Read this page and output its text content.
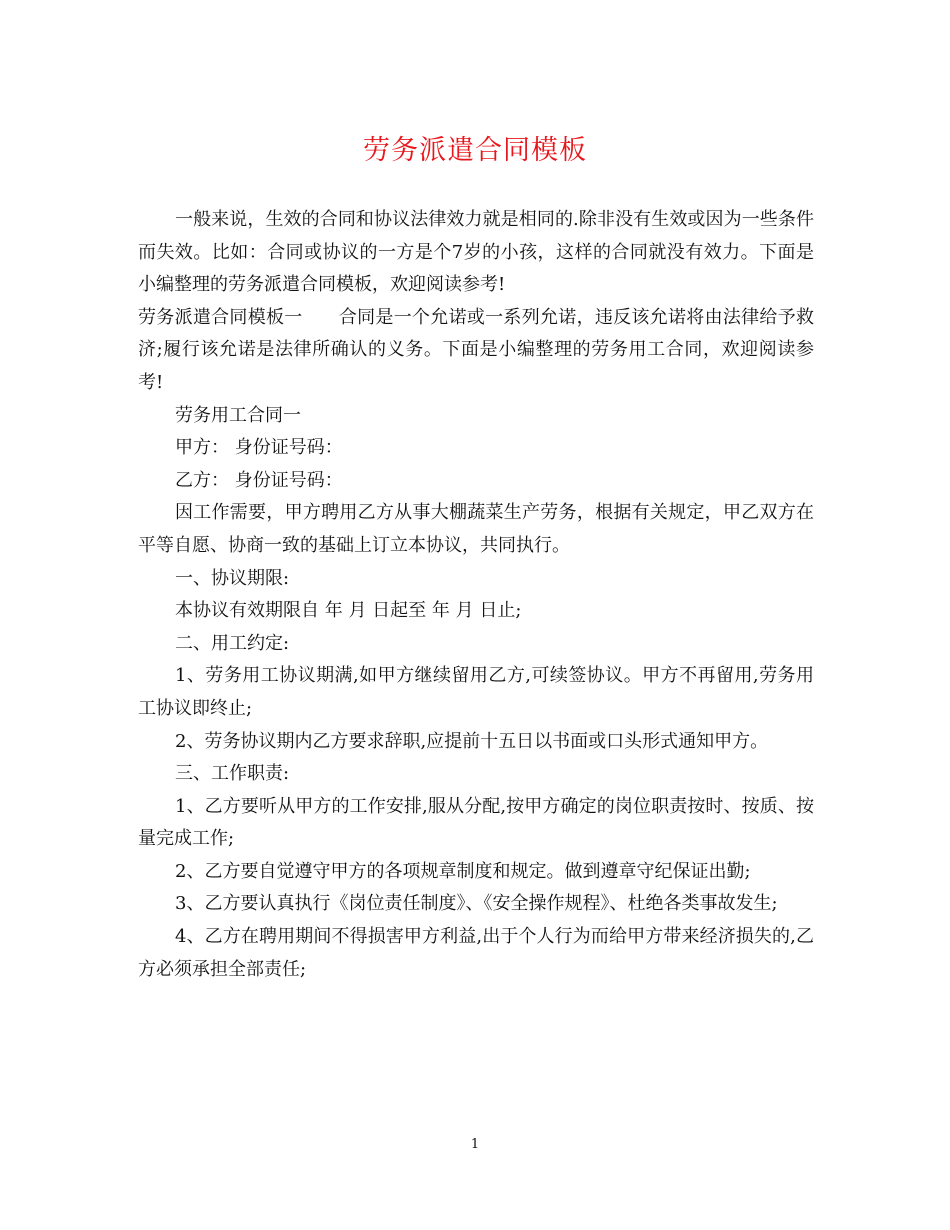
劳务派遣合同模板

一般来说，生效的合同和协议法律效力就是相同的.除非没有生效或因为一些条件而失效。比如：合同或协议的一方是个7岁的小孩，这样的合同就没有效力。下面是小编整理的劳务派遣合同模板，欢迎阅读参考!

劳务派遣合同模板一 合同是一个允诺或一系列允诺，违反该允诺将由法律给予救济;履行该允诺是法律所确认的义务。下面是小编整理的劳务用工合同，欢迎阅读参考!

劳务用工合同一

甲方： 身份证号码：

乙方： 身份证号码：

因工作需要，甲方聘用乙方从事大棚蔬菜生产劳务，根据有关规定，甲乙双方在平等自愿、协商一致的基础上订立本协议，共同执行。

一、协议期限:

本协议有效期限自 年 月 日起至 年 月 日止;

二、用工约定:

1、劳务用工协议期满,如甲方继续留用乙方,可续签协议。甲方不再留用,劳务用工协议即终止;

2、劳务协议期内乙方要求辞职,应提前十五日以书面或口头形式通知甲方。

三、工作职责:

1、乙方要听从甲方的工作安排,服从分配,按甲方确定的岗位职责按时、按质、按量完成工作;

2、乙方要自觉遵守甲方的各项规章制度和规定。做到遵章守纪保证出勤;

3、乙方要认真执行《岗位责任制度》、《安全操作规程》、杜绝各类事故发生;

4、乙方在聘用期间不得损害甲方利益,出于个人行为而给甲方带来经济损失的,乙方必须承担全部责任;

1
